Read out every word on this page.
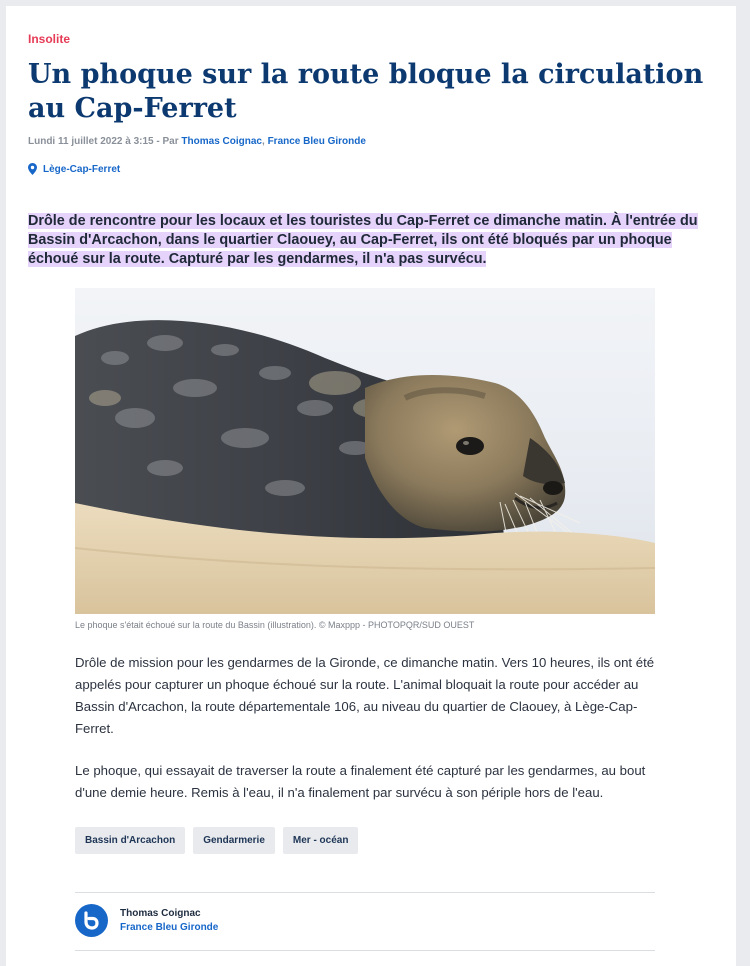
Insolite
Un phoque sur la route bloque la circulation au Cap-Ferret
Lundi 11 juillet 2022 à 3:15 - Par Thomas Coignac, France Bleu Gironde
Lège-Cap-Ferret

Drôle de rencontre pour les locaux et les touristes du Cap-Ferret ce dimanche matin. À l'entrée du Bassin d'Arcachon, dans le quartier Claouey, au Cap-Ferret, ils ont été bloqués par un phoque échoué sur la route. Capturé par les gendarmes, il n'a pas survécu.

Le phoque s'était échoué sur la route du Bassin (illustration). © Maxppp - PHOTOPQR/SUD OUEST

Drôle de mission pour les gendarmes de la Gironde, ce dimanche matin. Vers 10 heures, ils ont été appelés pour capturer un phoque échoué sur la route. L'animal bloquait la route pour accéder au Bassin d'Arcachon, la route départementale 106, au niveau du quartier de Claouey, à Lège-Cap-Ferret.

Le phoque, qui essayait de traverser la route a finalement été capturé par les gendarmes, au bout d'une demie heure. Remis à l'eau, il n'a finalement par survécu à son périple hors de l'eau.

Bassin d'Arcachon	Gendarmerie	Mer - océan
Thomas Coignac
France Bleu Gironde
